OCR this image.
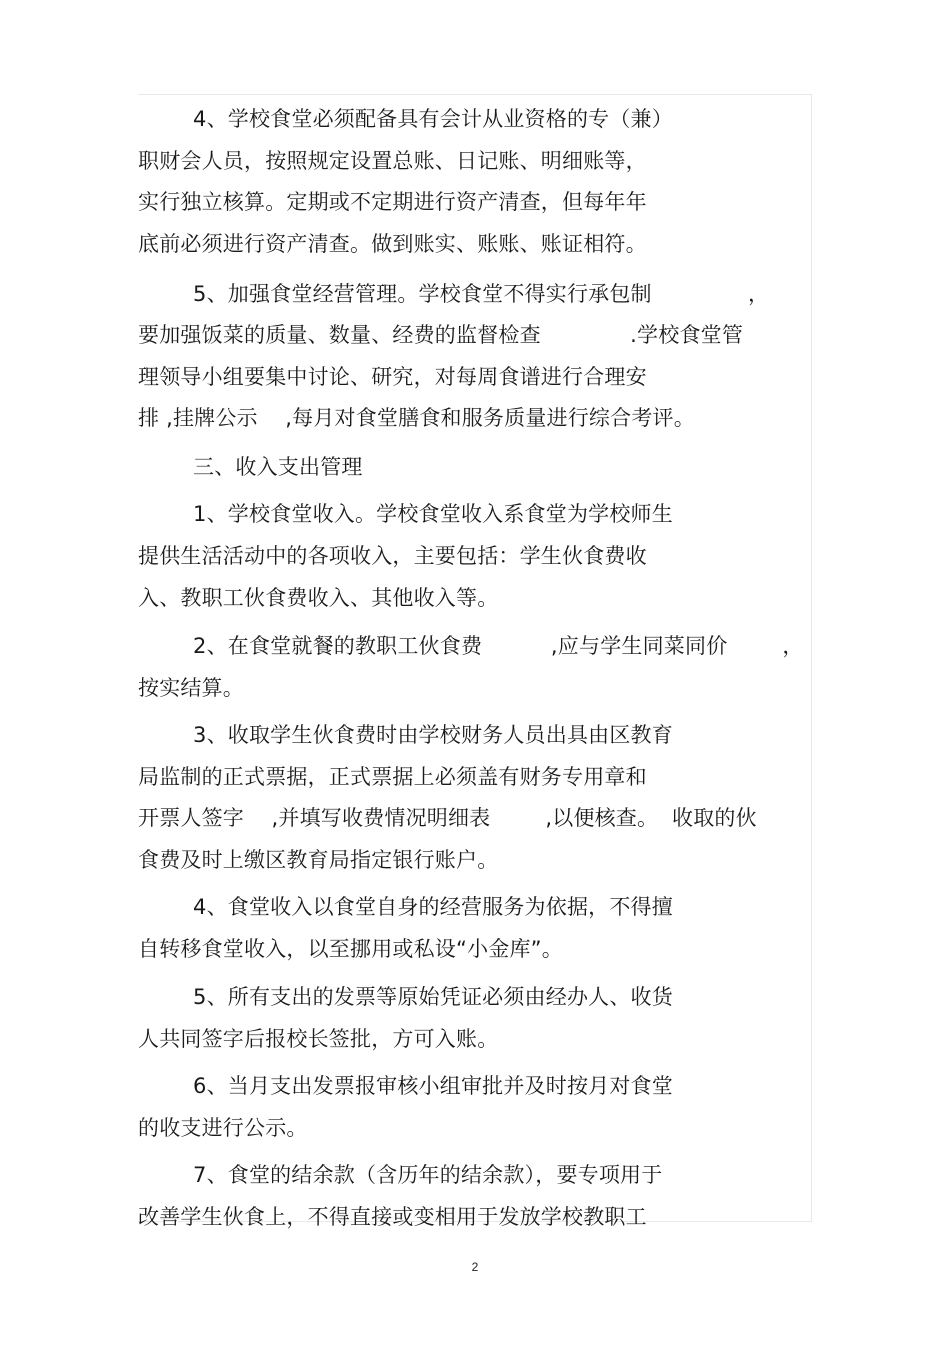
4、学校食堂必须配备具有会计从业资格的专（兼）
职财会人员，按照规定设置总账、日记账、明细账等，
实行独立核算。定期或不定期进行资产清查，但每年年
底前必须进行资产清查。做到账实、账账、账证相符。
5、加强食堂经营管理。学校食堂不得实行承包制              ，
要加强饭菜的质量、数量、经费的监督检查             .学校食堂管
理领导小组要集中讨论、研究，对每周食谱进行合理安
排 ,挂牌公示    ,每月对食堂膳食和服务质量进行综合考评。
三、收入支出管理
1、学校食堂收入。学校食堂收入系食堂为学校师生
提供生活活动中的各项收入，主要包括：学生伙食费收
入、教职工伙食费收入、其他收入等。
2、在食堂就餐的教职工伙食费          ,应与学生同菜同价        ，
按实结算。
3、收取学生伙食费时由学校财务人员出具由区教育
局监制的正式票据，正式票据上必须盖有财务专用章和
开票人签字    ,并填写收费情况明细表        ,以便核查。  收取的伙
食费及时上缴区教育局指定银行账户。
4、食堂收入以食堂自身的经营服务为依据，不得擅
自转移食堂收入，以至挪用或私设“小金库”。
5、所有支出的发票等原始凭证必须由经办人、收货
人共同签字后报校长签批，方可入账。
6、当月支出发票报审核小组审批并及时按月对食堂
的收支进行公示。
7、食堂的结余款（含历年的结余款），要专项用于
改善学生伙食上，不得直接或变相用于发放学校教职工
2
